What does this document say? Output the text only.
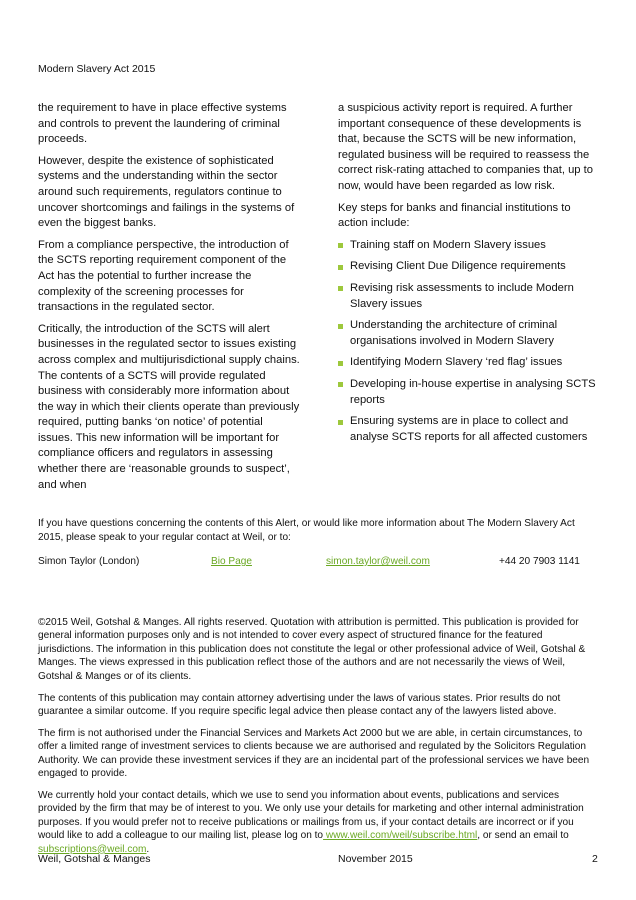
Modern Slavery Act 2015

the requirement to have in place effective systems and controls to prevent the laundering of criminal proceeds.

However, despite the existence of sophisticated systems and the understanding within the sector around such requirements, regulators continue to uncover shortcomings and failings in the systems of even the biggest banks.

From a compliance perspective, the introduction of the SCTS reporting requirement component of the Act has the potential to further increase the complexity of the screening processes for transactions in the regulated sector.

Critically, the introduction of the SCTS will alert businesses in the regulated sector to issues existing across complex and multijurisdictional supply chains. The contents of a SCTS will provide regulated business with considerably more information about the way in which their clients operate than previously required, putting banks ‘on notice’ of potential issues. This new information will be important for compliance officers and regulators in assessing whether there are ‘reasonable grounds to suspect’, and when

a suspicious activity report is required. A further important consequence of these developments is that, because the SCTS will be new information, regulated business will be required to reassess the correct risk-rating attached to companies that, up to now, would have been regarded as low risk.

Key steps for banks and financial institutions to action include:

Training staff on Modern Slavery issues
Revising Client Due Diligence requirements
Revising risk assessments to include Modern Slavery issues
Understanding the architecture of criminal organisations involved in Modern Slavery
Identifying Modern Slavery ‘red flag’ issues
Developing in-house expertise in analysing SCTS reports
Ensuring systems are in place to collect and analyse SCTS reports for all affected customers
If you have questions concerning the contents of this Alert, or would like more information about The Modern Slavery Act 2015, please speak to your regular contact at Weil, or to:
Simon Taylor (London)	Bio Page	simon.taylor@weil.com	+44 20 7903 1141

©2015 Weil, Gotshal & Manges. All rights reserved. Quotation with attribution is permitted. This publication is provided for general information purposes only and is not intended to cover every aspect of structured finance for the featured jurisdictions. The information in this publication does not constitute the legal or other professional advice of Weil, Gotshal & Manges. The views expressed in this publication reflect those of the authors and are not necessarily the views of Weil, Gotshal & Manges or of its clients.

The contents of this publication may contain attorney advertising under the laws of various states. Prior results do not guarantee a similar outcome. If you require specific legal advice then please contact any of the lawyers listed above.

The firm is not authorised under the Financial Services and Markets Act 2000 but we are able, in certain circumstances, to offer a limited range of investment services to clients because we are authorised and regulated by the Solicitors Regulation Authority. We can provide these investment services if they are an incidental part of the professional services we have been engaged to provide.

We currently hold your contact details, which we use to send you information about events, publications and services provided by the firm that may be of interest to you. We only use your details for marketing and other internal administration purposes. If you would prefer not to receive publications or mailings from us, if your contact details are incorrect or if you would like to add a colleague to our mailing list, please log on to www.weil.com/weil/subscribe.html, or send an email to subscriptions@weil.com.

Weil, Gotshal & Manges	November 2015	2
